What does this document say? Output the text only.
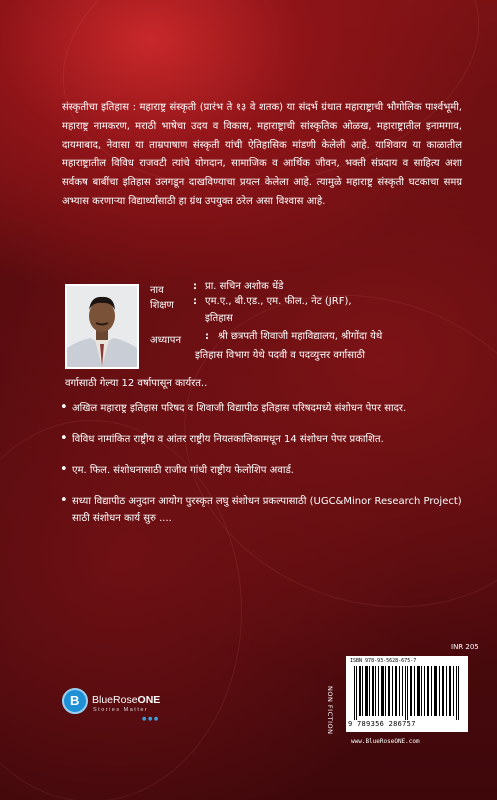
संस्कृतीचा इतिहास : महाराष्ट्र संस्कृती (प्रारंभ ते १३ वे शतक) या संदर्भ ग्रंथात महाराष्ट्राची भौगोलिक पार्श्वभूमी, महाराष्ट्र नामकरण, मराठी भाषेचा उदय व विकास, महाराष्ट्राची सांस्कृतिक ओळख, महाराष्ट्रातील इनामगाव, दायमाबाद, नेवासा या ताम्रपाषाण संस्कृती यांची ऐतिहासिक मांडणी केलेली आहे. याशिवाय या काळातील महाराष्ट्रातील विविध राजवटी त्यांचे योगदान, सामाजिक व आर्थिक जीवन, भक्ती संप्रदाय व साहित्य अशा सर्वकष बाबींचा इतिहास उलगडून दाखविण्याचा प्रयत्न केलेला आहे. त्यामुळे महाराष्ट्र संस्कृती घटकाचा समग्र अभ्यास करणाऱ्या विद्यार्थ्यांसाठी हा ग्रंथ उपयुक्त ठरेल असा विश्वास आहे.
नाव	: प्रा. सचिन अशोक धेंडे
शिक्षण : एम.ए., बी.एड., एम. फील., नेट (JRF),
इतिहास
अध्यापन : श्री छत्रपती शिवाजी महाविद्यालय, श्रीगोंदा येथे
इतिहास विभाग येथे पदवी व पदव्युत्तर वर्गासाठी
वर्गासाठी गेल्या 12 वर्षापासून कार्यरत..
• अखिल महाराष्ट्र इतिहास परिषद व शिवाजी विद्यापीठ इतिहास परिषदमध्ये संशोधन पेपर सादर.
• विविध नामांकित राष्ट्रीय व आंतर राष्ट्रीय नियतकालिकामधून 14 संशोधन पेपर प्रकाशित.
• एम. फिल. संशोधनासाठी राजीव गांधी राष्ट्रीय फेलोशिप अवार्ड.
• सध्या विद्यापीठ अनुदान आयोग पुरस्कृत लघु संशोधन प्रकल्पासाठी (UGC&Minor Research Project) साठी संशोधन कार्य सुरु ....
INR 205
NON FICTION
ISBN 978-93-5628-675-7
9 789356 286757
www.BlueRoseONE.com
B BlueRoseONE
Stories Matter
● ● ●
